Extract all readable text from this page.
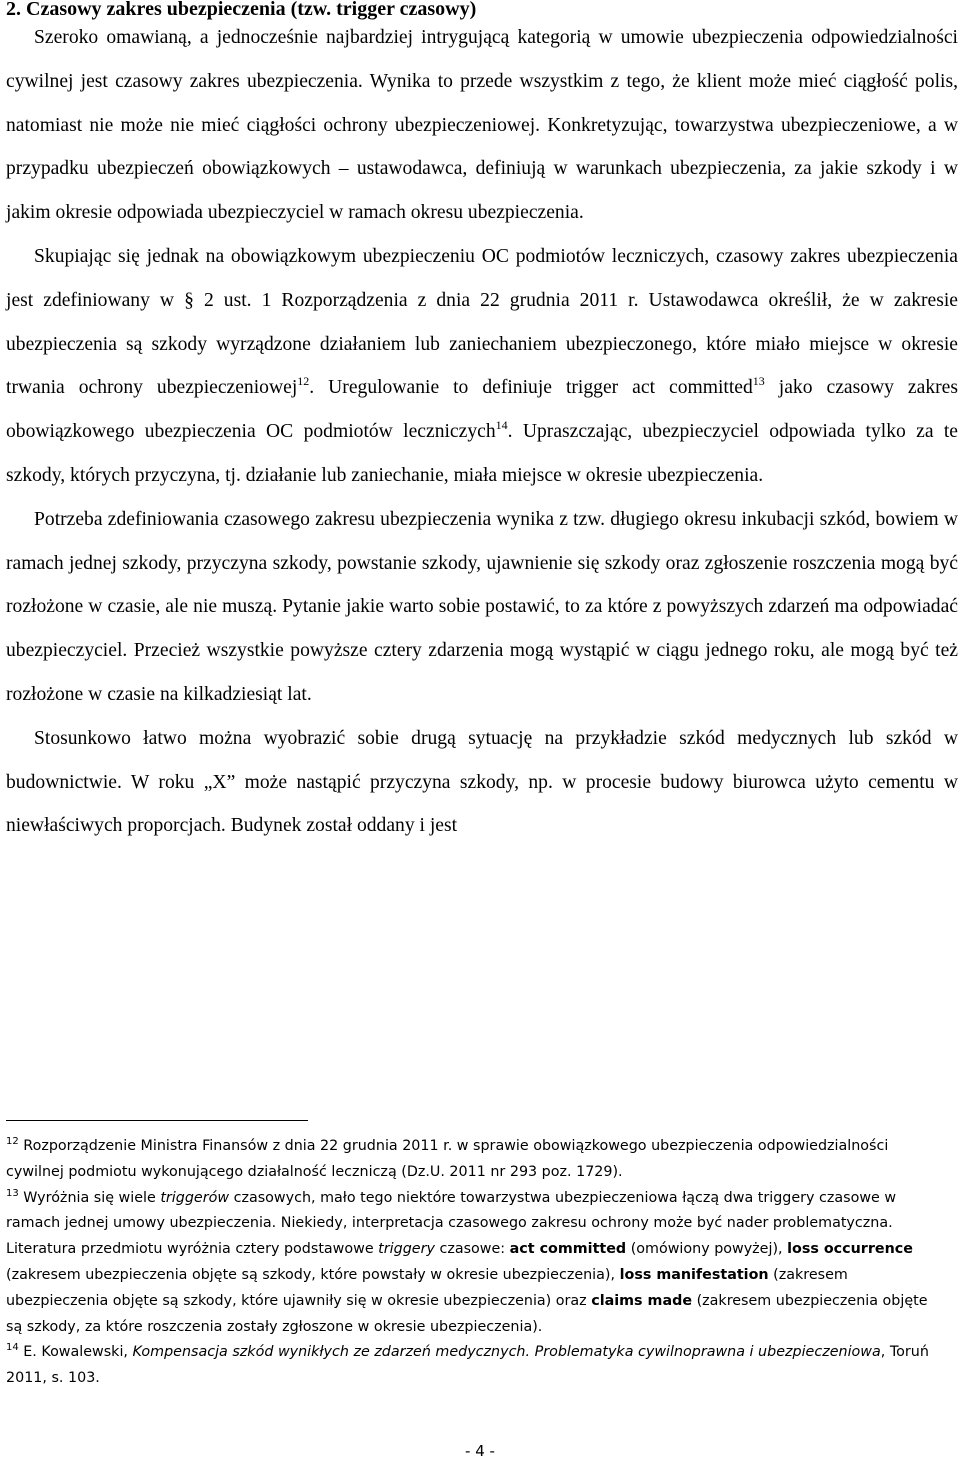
2. Czasowy zakres ubezpieczenia (tzw. trigger czasowy)

Szeroko omawianą, a jednocześnie najbardziej intrygującą kategorią w umowie ubezpieczenia odpowiedzialności cywilnej jest czasowy zakres ubezpieczenia. Wynika to przede wszystkim z tego, że klient może mieć ciągłość polis, natomiast nie może nie mieć ciągłości ochrony ubezpieczeniowej. Konkretyzując, towarzystwa ubezpieczeniowe, a w przypadku ubezpieczeń obowiązkowych – ustawodawca, definiują w warunkach ubezpieczenia, za jakie szkody i w jakim okresie odpowiada ubezpieczyciel w ramach okresu ubezpieczenia.

Skupiając się jednak na obowiązkowym ubezpieczeniu OC podmiotów leczniczych, czasowy zakres ubezpieczenia jest zdefiniowany w § 2 ust. 1 Rozporządzenia z dnia 22 grudnia 2011 r. Ustawodawca określił, że w zakresie ubezpieczenia są szkody wyrządzone działaniem lub zaniechaniem ubezpieczonego, które miało miejsce w okresie trwania ochrony ubezpieczeniowej$^{12}$. Uregulowanie to definiuje trigger act committed$^{13}$ jako czasowy zakres obowiązkowego ubezpieczenia OC podmiotów leczniczych$^{14}$. Upraszczając, ubezpieczyciel odpowiada tylko za te szkody, których przyczyna, tj. działanie lub zaniechanie, miała miejsce w okresie ubezpieczenia.

Potrzeba zdefiniowania czasowego zakresu ubezpieczenia wynika z tzw. długiego okresu inkubacji szkód, bowiem w ramach jednej szkody, przyczyna szkody, powstanie szkody, ujawnienie się szkody oraz zgłoszenie roszczenia mogą być rozłożone w czasie, ale nie muszą. Pytanie jakie warto sobie postawić, to za które z powyższych zdarzeń ma odpowiadać ubezpieczyciel. Przecież wszystkie powyższe cztery zdarzenia mogą wystąpić w ciągu jednego roku, ale mogą być też rozłożone w czasie na kilkadziesiąt lat.

Stosunkowo łatwo można wyobrazić sobie drugą sytuację na przykładzie szkód medycznych lub szkód w budownictwie. W roku „X” może nastąpić przyczyna szkody, np. w procesie budowy biurowca użyto cementu w niewłaściwych proporcjach. Budynek został oddany i jest

$^{12}$ Rozporządzenie Ministra Finansów z dnia 22 grudnia 2011 r. w sprawie obowiązkowego ubezpieczenia odpowiedzialności cywilnej podmiotu wykonującego działalność leczniczą (Dz.U. 2011 nr 293 poz. 1729).

$^{13}$ Wyróżnia się wiele triggerów czasowych, mało tego niektóre towarzystwa ubezpieczeniowa łączą dwa triggery czasowe w ramach jednej umowy ubezpieczenia. Niekiedy, interpretacja czasowego zakresu ochrony może być nader problematyczna. Literatura przedmiotu wyróżnia cztery podstawowe triggery czasowe: act committed (omówiony powyżej), loss occurrence (zakresem ubezpieczenia objęte są szkody, które powstały w okresie ubezpieczenia), loss manifestation (zakresem ubezpieczenia objęte są szkody, które ujawniły się w okresie ubezpieczenia) oraz claims made (zakresem ubezpieczenia objęte są szkody, za które roszczenia zostały zgłoszone w okresie ubezpieczenia).

$^{14}$ E. Kowalewski, Kompensacja szkód wynikłych ze zdarzeń medycznych. Problematyka cywilnoprawna i ubezpieczeniowa, Toruń 2011, s. 103.

- 4 -
